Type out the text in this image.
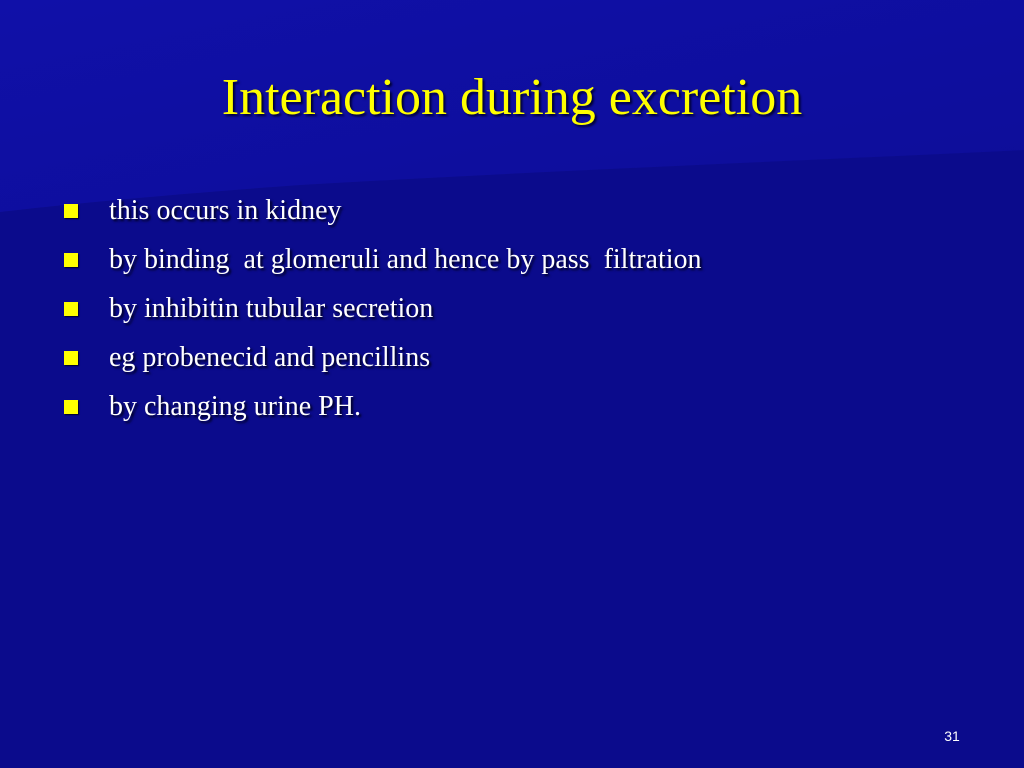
Interaction during excretion
this occurs in kidney
by binding  at glomeruli and hence by pass  filtration
by inhibitin tubular secretion
eg probenecid and pencillins
by changing urine PH.
31
